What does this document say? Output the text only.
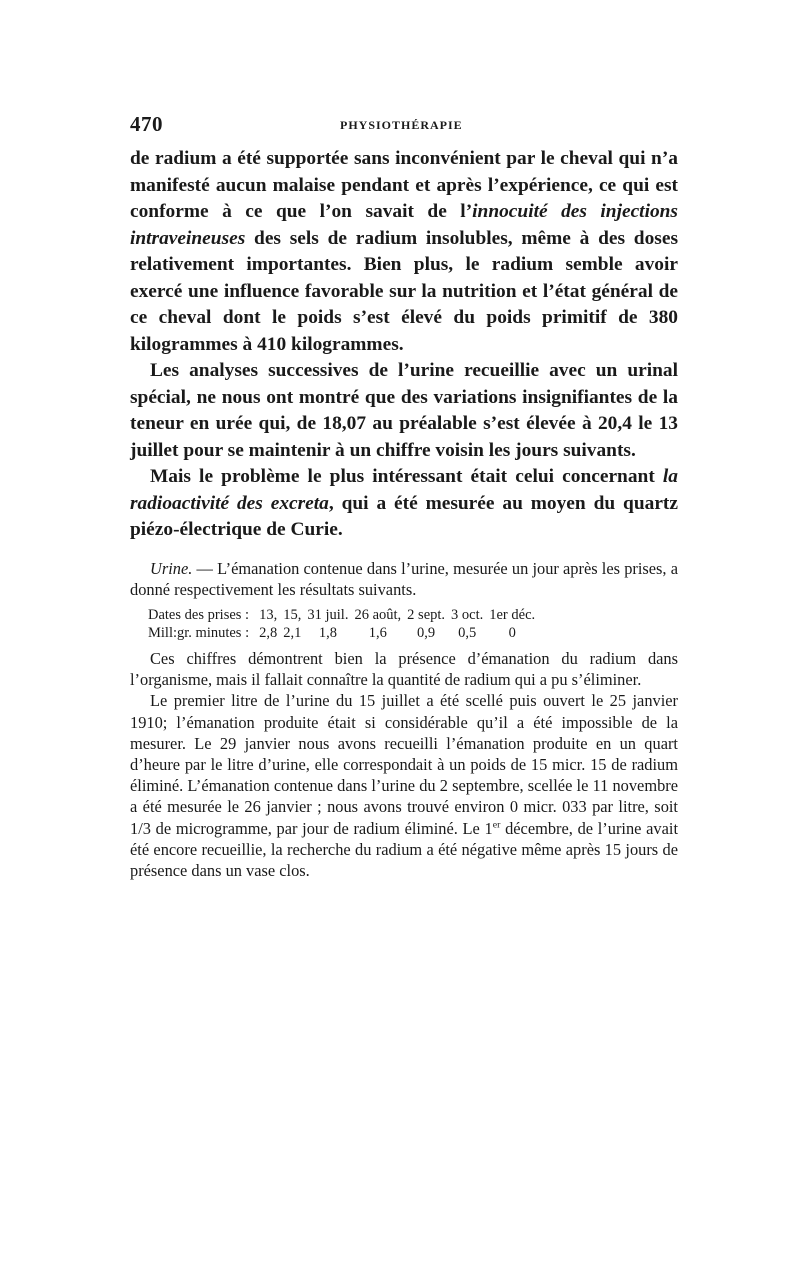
470	PHYSIOTHÉRAPIE

de radium a été supportée sans inconvénient par le cheval qui n’a manifesté aucun malaise pendant et après l’expérience, ce qui est conforme à ce que l’on savait de l’innocuité des injections intraveineuses des sels de radium insolubles, même à des doses relativement importantes. Bien plus, le radium semble avoir exercé une influence favorable sur la nutrition et l’état général de ce cheval dont le poids s’est élevé du poids primitif de 380 kilogrammes à 410 kilogrammes.

Les analyses successives de l’urine recueillie avec un urinal spécial, ne nous ont montré que des variations insignifiantes de la teneur en urée qui, de 18,07 au préalable s’est élevée à 20,4 le 13 juillet pour se maintenir à un chiffre voisin les jours suivants.

Mais le problème le plus intéressant était celui concernant la radioactivité des excreta, qui a été mesurée au moyen du quartz piézo-électrique de Curie.

Urine. — L’émanation contenue dans l’urine, mesurée un jour après les prises, a donné respectivement les résultats suivants.

Dates des prises :	13,	15,	31 juil.	26 août,	2 sept.	3 oct.	1er déc.
Mill:gr. minutes :	2,8	2,1	1,8	1,6	0,9	0,5	0

Ces chiffres démontrent bien la présence d’émanation du radium dans l’organisme, mais il fallait connaître la quantité de radium qui a pu s’éliminer.

Le premier litre de l’urine du 15 juillet a été scellé puis ouvert le 25 janvier 1910; l’émanation produite était si considérable qu’il a été impossible de la mesurer. Le 29 janvier nous avons recueilli l’émanation produite en un quart d’heure par le litre d’urine, elle correspondait à un poids de 15 micr. 15 de radium éliminé. L’émanation contenue dans l’urine du 2 septembre, scellée le 11 novembre a été mesurée le 26 janvier ; nous avons trouvé environ 0 micr. 033 par litre, soit 1/3 de microgramme, par jour de radium éliminé. Le 1er décembre, de l’urine avait été encore recueillie, la recherche du radium a été négative même après 15 jours de présence dans un vase clos.
